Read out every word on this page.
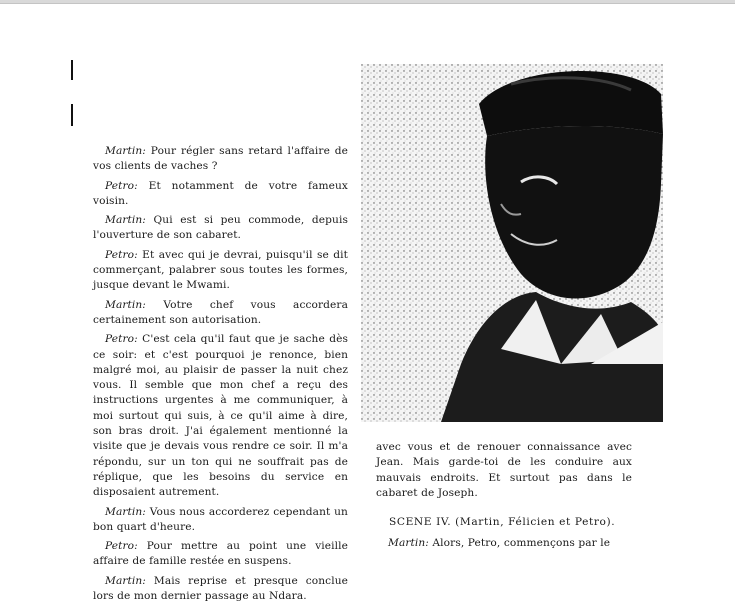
Martin: Pour régler sans retard l'affaire de vos clients de vaches ?

Petro: Et notamment de votre fameux voisin.

Martin: Qui est si peu commode, depuis l'ouverture de son cabaret.

Petro: Et avec qui je devrai, puisqu'il se dit commerçant, palabrer sous toutes les formes, jusque devant le Mwami.

Martin: Votre chef vous accordera certainement son autorisation.

Petro: C'est cela qu'il faut que je sache dès ce soir: et c'est pourquoi je renonce, bien malgré moi, au plaisir de passer la nuit chez vous. Il semble que mon chef a reçu des instructions urgentes à me communiquer, à moi surtout qui suis, à ce qu'il aime à dire, son bras droit. J'ai également mentionné la visite que je devais vous rendre ce soir. Il m'a répondu, sur un ton qui ne souffrait pas de réplique, que les besoins du service en disposaient autrement.

Martin: Vous nous accorderez cependant un bon quart d'heure.

Petro: Pour mettre au point une vieille affaire de famille restée en suspens.

Martin: Mais reprise et presque conclue lors de mon dernier passage au Ndara.

avec vous et de renouer connaissance avec Jean. Mais garde-toi de les conduire aux mauvais endroits. Et surtout pas dans le cabaret de Joseph.

SCENE IV. (Martin, Félicien et Petro).

Martin: Alors, Petro, commençons par le
